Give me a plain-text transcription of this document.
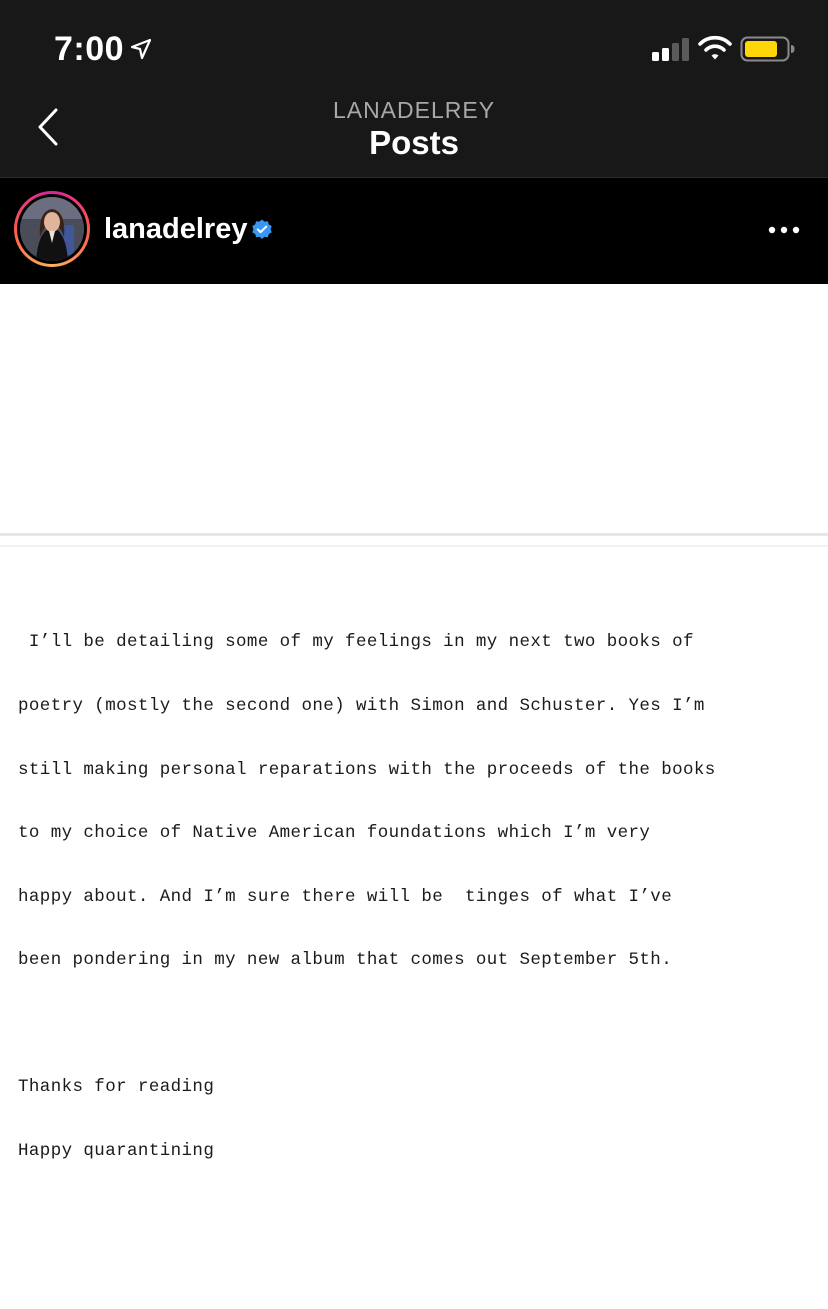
7:00
LANADELREY
Posts
lanadelrey

I’ll be detailing some of my feelings in my next two books of

poetry (mostly the second one) with Simon and Schuster. Yes I’m

still making personal reparations with the proceeds of the books

to my choice of Native American foundations which I’m very

happy about. And I’m sure there will be  tinges of what I’ve

been pondering in my new album that comes out September 5th.

Thanks for reading

Happy quarantining
